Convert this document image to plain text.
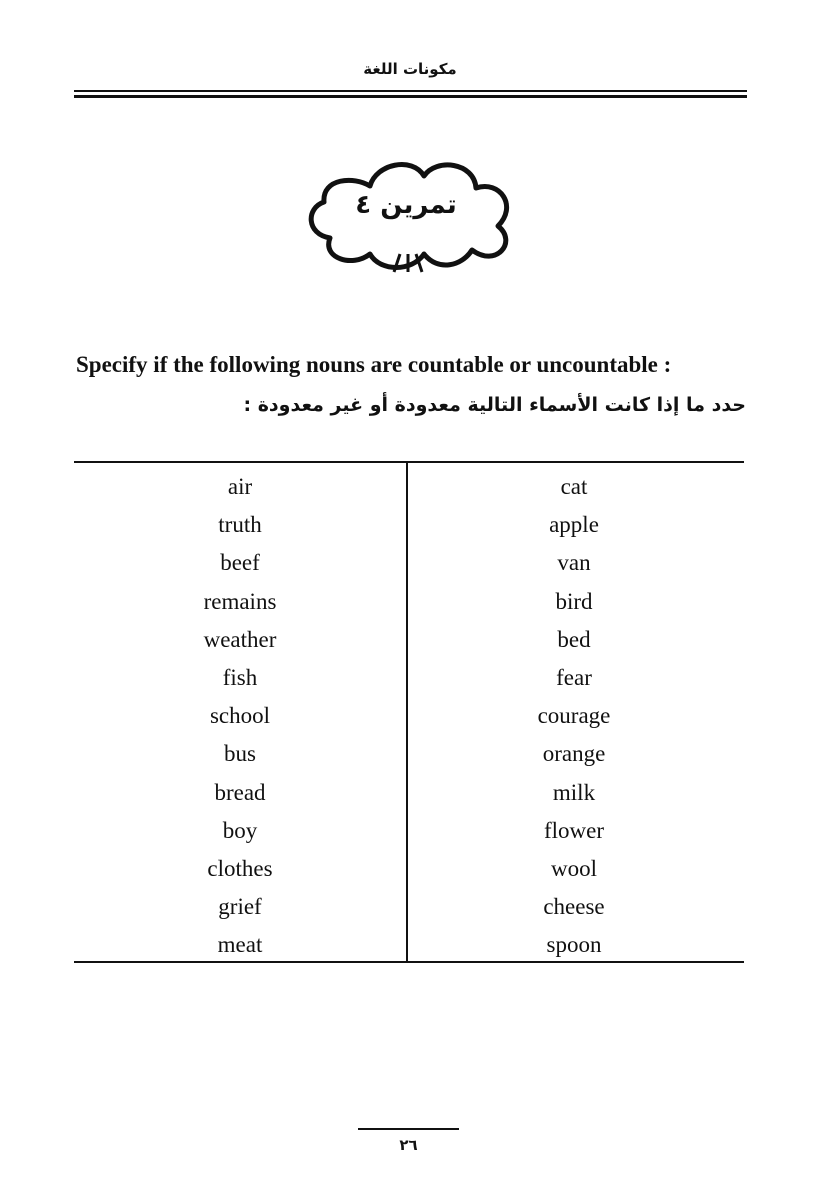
مكونات اللغة
تمرين ٤
Specify if the following nouns are countable or uncountable :
حدد ما إذا كانت الأسماء التالية معدودة أو غير معدودة :
air
truth
beef
remains
weather
fish
school
bus
bread
boy
clothes
grief
meat
cat
apple
van
bird
bed
fear
courage
orange
milk
flower
wool
cheese
spoon
٢٦
